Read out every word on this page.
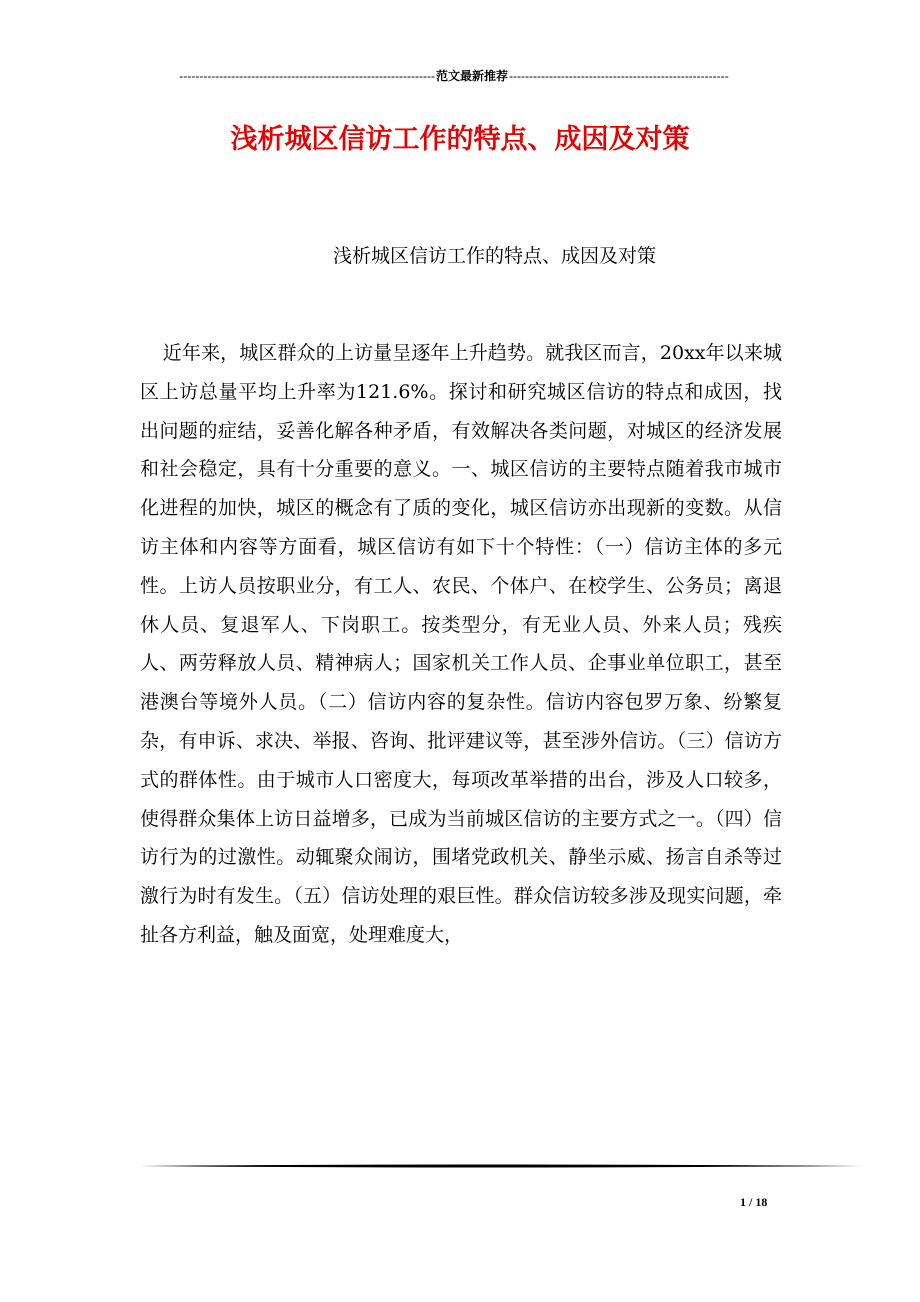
----------------------------------------------------------------范文最新推荐-------------------------------------------------------
浅析城区信访工作的特点、成因及对策
浅析城区信访工作的特点、成因及对策

近年来，城区群众的上访量呈逐年上升趋势。就我区而言，20xx年以来城区上访总量平均上升率为121.6%。探讨和研究城区信访的特点和成因，找出问题的症结，妥善化解各种矛盾，有效解决各类问题，对城区的经济发展和社会稳定，具有十分重要的意义。一、城区信访的主要特点随着我市城市化进程的加快，城区的概念有了质的变化，城区信访亦出现新的变数。从信访主体和内容等方面看，城区信访有如下十个特性：（一）信访主体的多元性。上访人员按职业分，有工人、农民、个体户、在校学生、公务员；离退休人员、复退军人、下岗职工。按类型分，有无业人员、外来人员；残疾人、两劳释放人员、精神病人；国家机关工作人员、企事业单位职工，甚至港澳台等境外人员。（二）信访内容的复杂性。信访内容包罗万象、纷繁复杂，有申诉、求决、举报、咨询、批评建议等，甚至涉外信访。（三）信访方式的群体性。由于城市人口密度大，每项改革举措的出台，涉及人口较多，使得群众集体上访日益增多，已成为当前城区信访的主要方式之一。（四）信访行为的过激性。动辄聚众闹访，围堵党政机关、静坐示威、扬言自杀等过激行为时有发生。（五）信访处理的艰巨性。群众信访较多涉及现实问题，牵扯各方利益，触及面宽，处理难度大，

1 / 18
